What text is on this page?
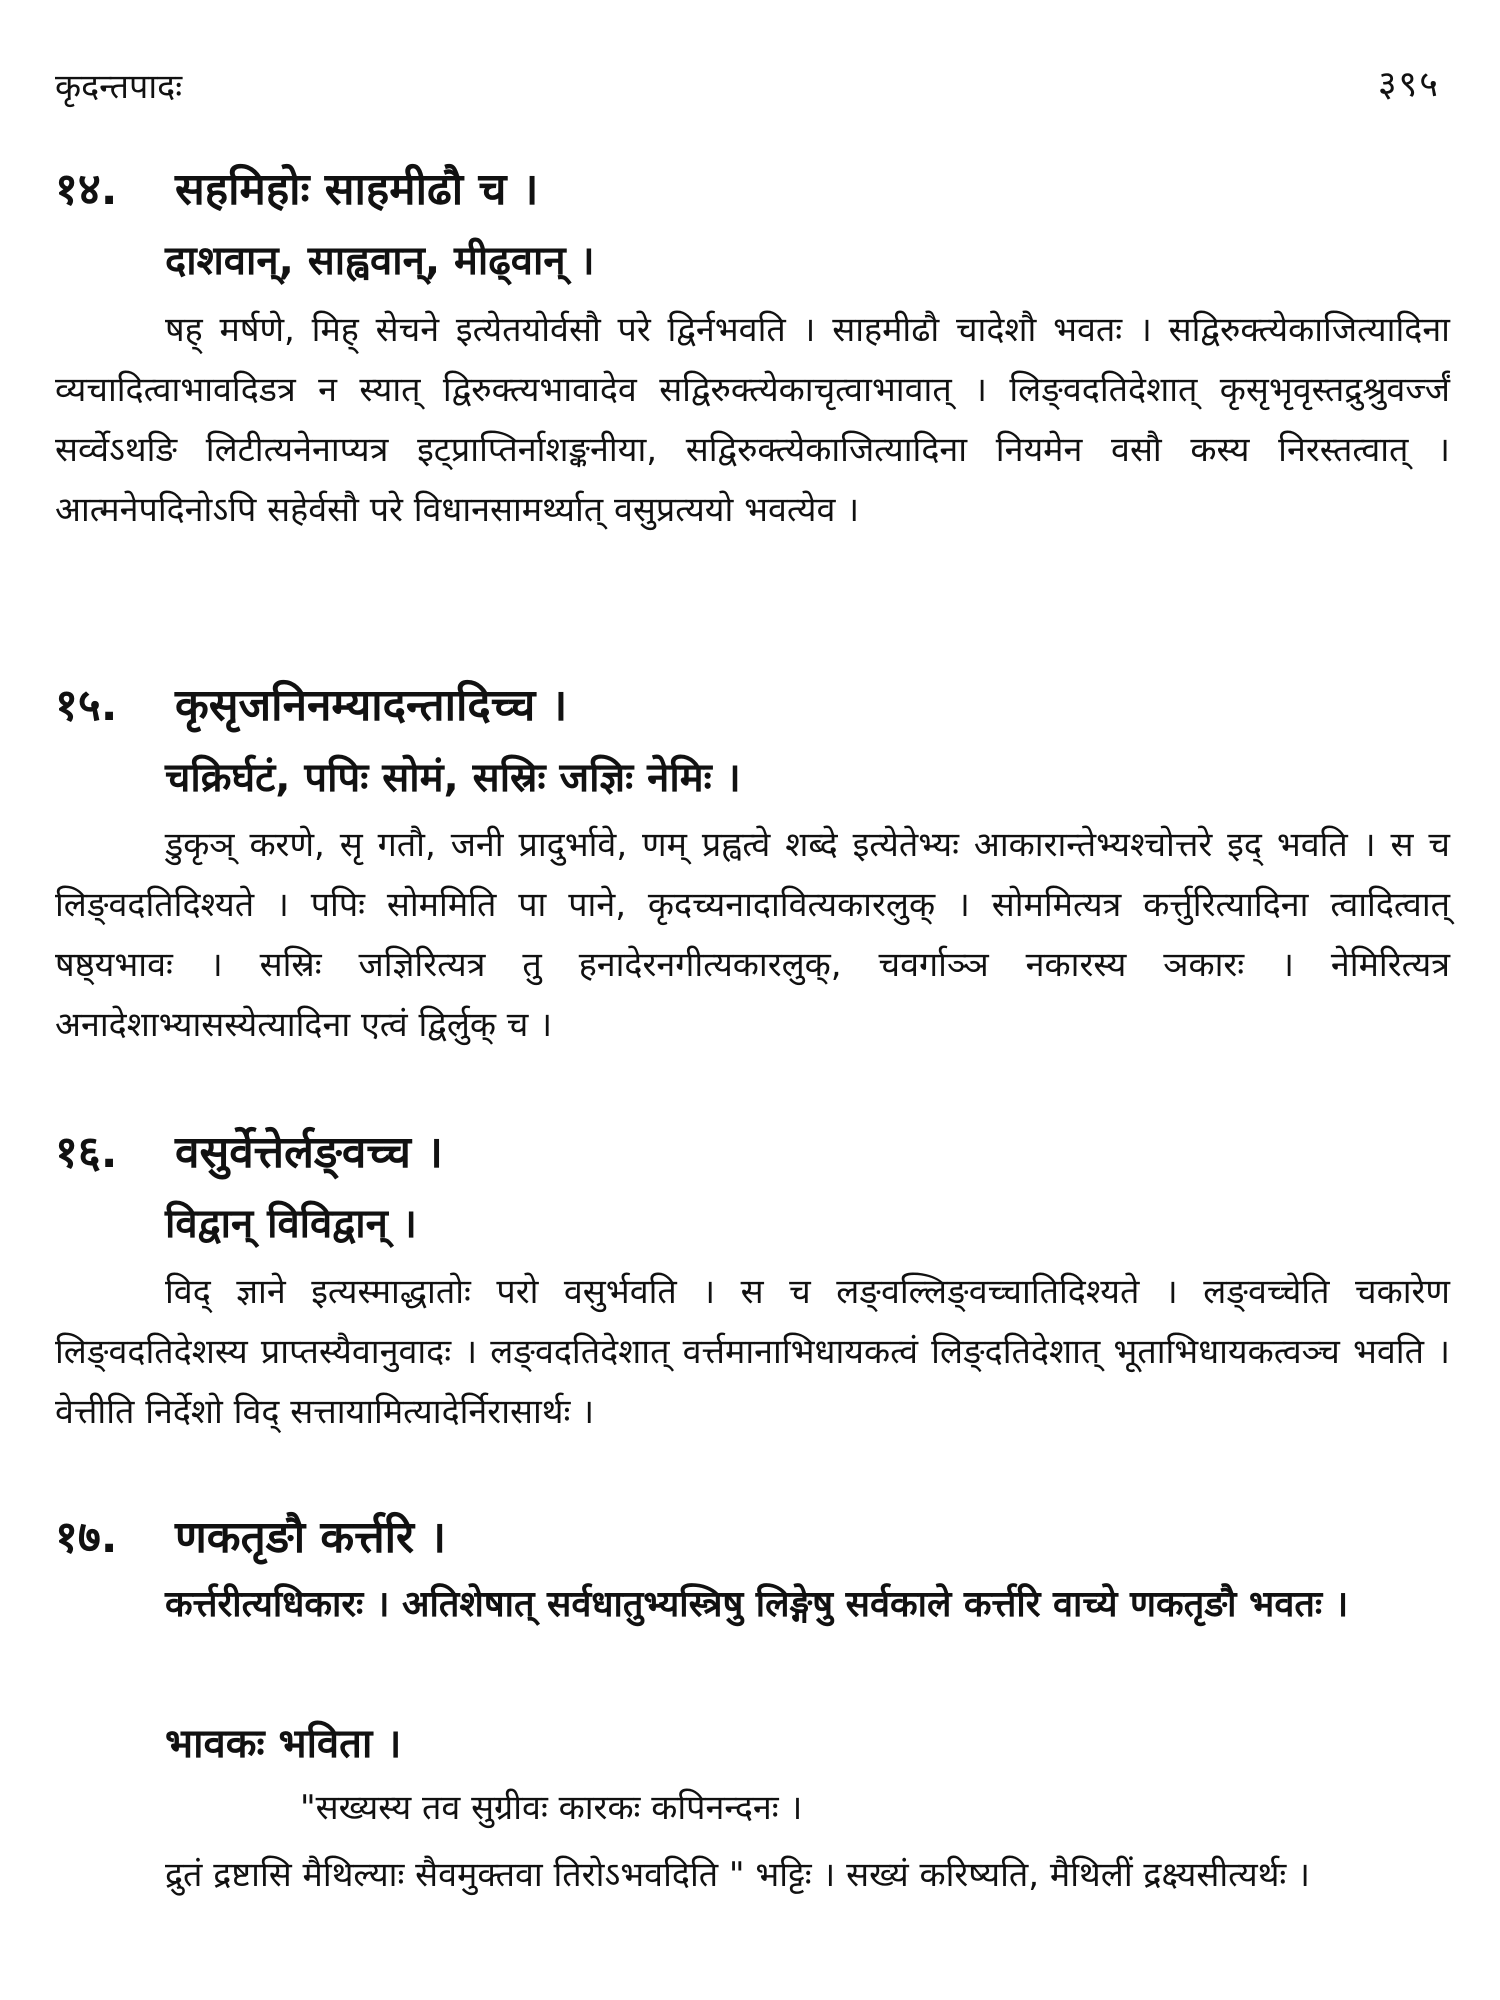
कृदन्तपादः	३९५
१४. सहमिहोः साहमीढौ च ।
दाशवान्, साह्ववान्, मीढ्वान् ।
षह् मर्षणे, मिह् सेचने इत्येतयोर्वसौ परे द्विर्नभवति । साहमीढौ चादेशौ भवतः । सद्विरुक्त्येकाजित्यादिना व्यचादित्वाभावदिडत्र न स्यात् द्विरुक्त्यभावादेव सद्विरुक्त्येकाचृत्वाभावात् । लिङ्वदतिदेशात् कृसृभृवृस्तद्रुश्रुवर्ज्जं सर्व्वेऽथङि लिटीत्यनेनाप्यत्र इट्प्राप्तिर्नाशङ्कनीया, सद्विरुक्त्येकाजित्यादिना नियमेन वसौ कस्य निरस्तत्वात् । आत्मनेपदिनोऽपि सहेर्वसौ परे विधानसामर्थ्यात् वसुप्रत्ययो भवत्येव ।
१५. कृसृजनिनम्यादन्तादिच्च ।
चक्रिर्घटं, पपिः सोमं, सस्रिः जज्ञिः नेमिः ।
डुकृञ् करणे, सृ गतौ, जनी प्रादुर्भावे, णम् प्रह्वत्वे शब्दे इत्येतेभ्यः आकारान्तेभ्यश्चोत्तरे इद् भवति । स च लिङ्वदतिदिश्यते । पपिः सोममिति पा पाने, कृदच्यनादावित्यकारलुक् । सोममित्यत्र कर्त्तुरित्यादिना त्वादित्वात् षष्ठ्यभावः । सस्रिः जज्ञिरित्यत्र तु हनादेरनगीत्यकारलुक्, चवर्गाञ्ञ नकारस्य ञकारः । नेमिरित्यत्र अनादेशाभ्यासस्येत्यादिना एत्वं द्विर्लुक् च ।
१६. वसुर्वेत्तेर्लङ्वच्च ।
विद्वान् विविद्वान् ।
विद् ज्ञाने इत्यस्माद्धातोः परो वसुर्भवति । स च लङ्वल्लिङ्वच्चातिदिश्यते । लङ्वच्चेति चकारेण लिङ्वदतिदेशस्य प्राप्तस्यैवानुवादः । लङ्वदतिदेशात् वर्त्तमानाभिधायकत्वं लिङ्दतिदेशात् भूताभिधायकत्वञ्च भवति । वेत्तीति निर्देशो विद् सत्तायामित्यादेर्निरासार्थः ।
१७. णकतृङौ कर्त्तरि ।
कर्त्तरीत्यधिकारः । अतिशेषात् सर्वधातुभ्यस्त्रिषु लिङ्गेषु सर्वकाले कर्त्तरि वाच्ये णकतृङौ भवतः ।
भावकः भविता ।
"सख्यस्य तव सुग्रीवः कारकः कपिनन्दनः ।
द्रुतं द्रष्टासि मैथिल्याः सैवमुक्तवा तिरोऽभवदिति " भट्टिः । सख्यं करिष्यति, मैथिलीं द्रक्ष्यसीत्यर्थः ।
